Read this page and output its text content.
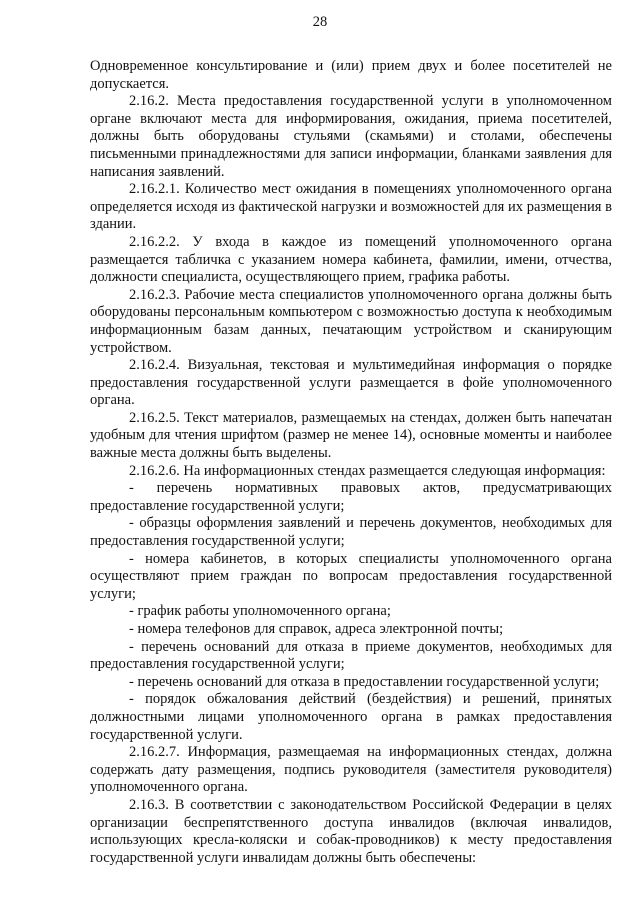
28

Одновременное консультирование и (или) прием двух и более посетителей не допускается.

2.16.2. Места предоставления государственной услуги в уполномоченном органе включают места для информирования, ожидания, приема посетителей, должны быть оборудованы стульями (скамьями) и столами, обеспечены письменными принадлежностями для записи информации, бланками заявления для написания заявлений.

2.16.2.1. Количество мест ожидания в помещениях уполномоченного органа определяется исходя из фактической нагрузки и возможностей для их размещения в здании.

2.16.2.2. У входа в каждое из помещений уполномоченного органа размещается табличка с указанием номера кабинета, фамилии, имени, отчества, должности специалиста, осуществляющего прием, графика работы.

2.16.2.3. Рабочие места специалистов уполномоченного органа должны быть оборудованы персональным компьютером с возможностью доступа к необходимым информационным базам данных, печатающим устройством и сканирующим устройством.

2.16.2.4. Визуальная, текстовая и мультимедийная информация о порядке предоставления государственной услуги размещается в фойе уполномоченного органа.

2.16.2.5. Текст материалов, размещаемых на стендах, должен быть напечатан удобным для чтения шрифтом (размер не менее 14), основные моменты и наиболее важные места должны быть выделены.

2.16.2.6. На информационных стендах размещается следующая информация:

- перечень нормативных правовых актов, предусматривающих предоставление государственной услуги;

- образцы оформления заявлений и перечень документов, необходимых для предоставления государственной услуги;

- номера кабинетов, в которых специалисты уполномоченного органа осуществляют прием граждан по вопросам предоставления государственной услуги;

- график работы уполномоченного органа;

- номера телефонов для справок, адреса электронной почты;

- перечень оснований для отказа в приеме документов, необходимых для предоставления государственной услуги;

- перечень оснований для отказа в предоставлении государственной услуги;

- порядок обжалования действий (бездействия) и решений, принятых должностными лицами уполномоченного органа в рамках предоставления государственной услуги.

2.16.2.7. Информация, размещаемая на информационных стендах, должна содержать дату размещения, подпись руководителя (заместителя руководителя) уполномоченного органа.

2.16.3. В соответствии с законодательством Российской Федерации в целях организации беспрепятственного доступа инвалидов (включая инвалидов, использующих кресла-коляски и собак-проводников) к месту предоставления государственной услуги инвалидам должны быть обеспечены:
